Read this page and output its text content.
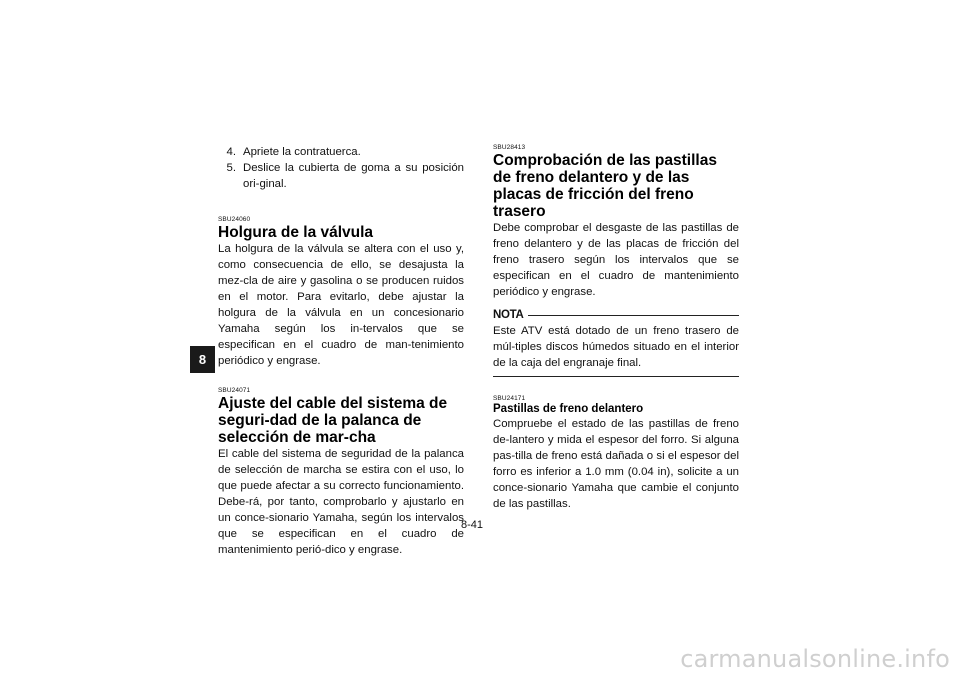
8
4. Apriete la contratuerca.
5. Deslice la cubierta de goma a su posición ori-ginal.
SBU24060
Holgura de la válvula

La holgura de la válvula se altera con el uso y, como consecuencia de ello, se desajusta la mez-cla de aire y gasolina o se producen ruidos en el motor. Para evitarlo, debe ajustar la holgura de la válvula en un concesionario Yamaha según los in-tervalos que se especifican en el cuadro de man-tenimiento periódico y engrase.

SBU24071
Ajuste del cable del sistema de seguri-dad de la palanca de selección de mar-cha

El cable del sistema de seguridad de la palanca de selección de marcha se estira con el uso, lo que puede afectar a su correcto funcionamiento. Debe-rá, por tanto, comprobarlo y ajustarlo en un conce-sionario Yamaha, según los intervalos que se especifican en el cuadro de mantenimiento perió-dico y engrase.

SBU28413
Comprobación de las pastillas de freno delantero y de las placas de fricción del freno trasero

Debe comprobar el desgaste de las pastillas de freno delantero y de las placas de fricción del freno trasero según los intervalos que se especifican en el cuadro de mantenimiento periódico y engrase.

NOTA

Este ATV está dotado de un freno trasero de múl-tiples discos húmedos situado en el interior de la caja del engranaje final.

SBU24171
Pastillas de freno delantero

Compruebe el estado de las pastillas de freno de-lantero y mida el espesor del forro. Si alguna pas-tilla de freno está dañada o si el espesor del forro es inferior a 1.0 mm (0.04 in), solicite a un conce-sionario Yamaha que cambie el conjunto de las pastillas.

8-41
carmanualsonline.info
